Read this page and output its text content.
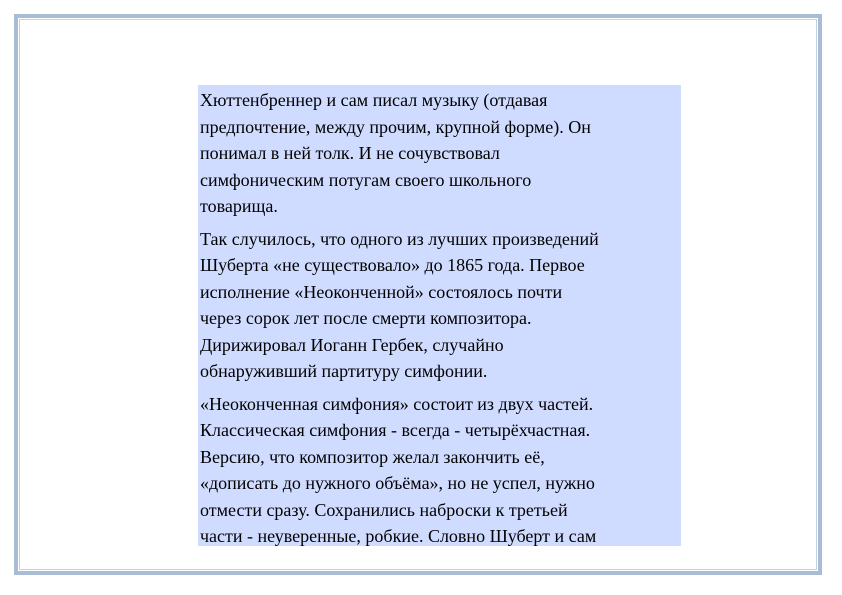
Хюттенбреннер и сам писал музыку (отдавая
предпочтение, между прочим, крупной форме). Он
понимал в ней толк. И не сочувствовал
симфоническим потугам своего школьного
товарища.

Так случилось, что одного из лучших произведений
Шуберта «не существовало» до 1865 года. Первое
исполнение «Неоконченной» состоялось почти
через сорок лет после смерти композитора.
Дирижировал Иоганн Гербек, случайно
обнаруживший партитуру симфонии.

«Неоконченная симфония» состоит из двух частей.
Классическая симфония - всегда - четырёхчастная.
Версию, что композитор желал закончить её,
«дописать до нужного объёма», но не успел, нужно
отмести сразу. Сохранились наброски к третьей
части - неуверенные, робкие. Словно Шуберт и сам
